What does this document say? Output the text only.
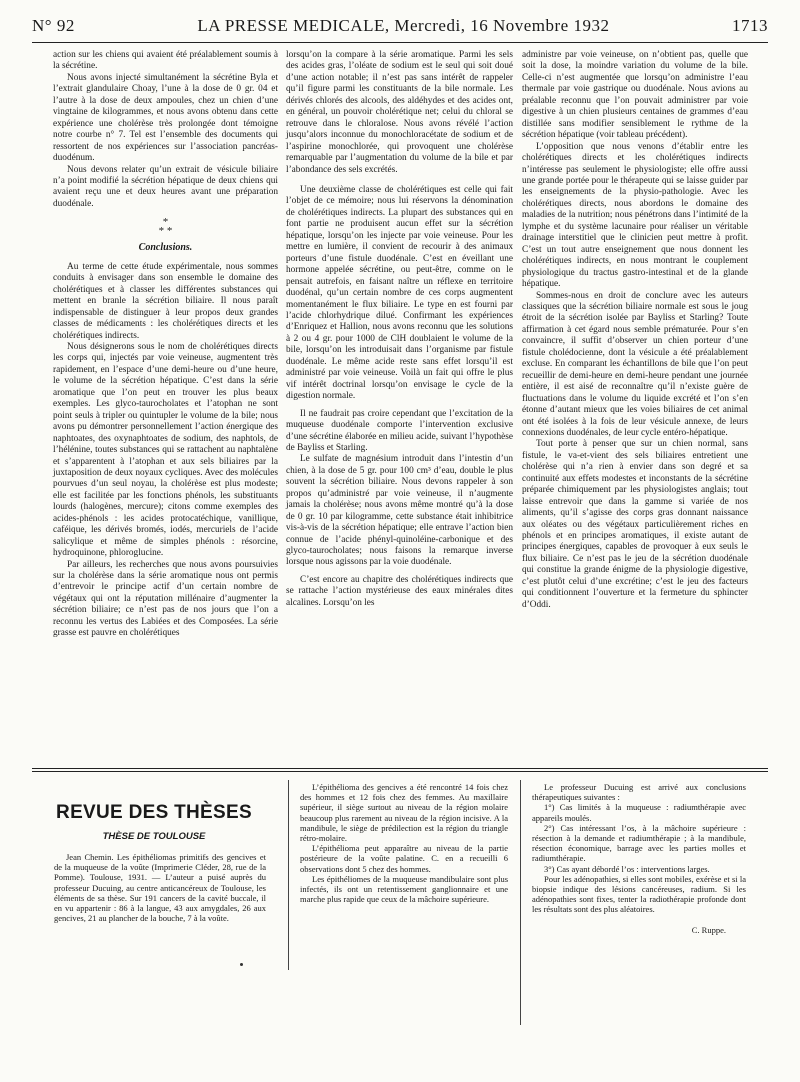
N° 92	LA PRESSE MEDICALE, Mercredi, 16 Novembre 1932	1713

action sur les chiens qui avaient été préalablement soumis à la sécrétine.

Nous avons injecté simultanément la sécrétine Byla et l’extrait glandulaire Choay, l’une à la dose de 0 gr. 04 et l’autre à la dose de deux ampoules, chez un chien d’une vingtaine de kilogrammes, et nous avons obtenu dans cette expérience une cholérèse très prolongée dont témoigne notre courbe n° 7. Tel est l’ensemble des documents qui ressortent de nos expériences sur l’association pancréas-duodénum.

Nous devons relater qu’un extrait de vésicule biliaire n’a point modifié la sécrétion hépatique de deux chiens qui avaient reçu une et deux heures avant une préparation duodénale.

*
* *
Conclusions.

Au terme de cette étude expérimentale, nous sommes conduits à envisager dans son ensemble le domaine des cholérétiques et à classer les différentes substances qui mettent en branle la sécrétion biliaire. Il nous paraît indispensable de distinguer à leur propos deux grandes classes de médicaments : les cholérétiques directs et les cholérétiques indirects.

Nous désignerons sous le nom de cholérétiques directs les corps qui, injectés par voie veineuse, augmentent très rapidement, en l’espace d’une demi-heure ou d’une heure, le volume de la sécrétion hépatique. C’est dans la série aromatique que l’on peut en trouver les plus beaux exemples. Les glyco-taurocholates et l’atophan ne sont point seuls à tripler ou quintupler le volume de la bile; nous avons pu démontrer personnellement l’action énergique des naphtoates, des oxynaphtoates de sodium, des naphtols, de l’hélénine, toutes substances qui se rattachent au naphtalène et s’apparentent à l’atophan et aux sels biliaires par la juxtaposition de deux noyaux cycliques. Avec des molécules pourvues d’un seul noyau, la cholérèse est plus modeste; elle est facilitée par les fonctions phénols, les substituants lourds (halogènes, mercure); citons comme exemples des acides-phénols : les acides protocatéchique, vanillique, caféique, les dérivés bromés, iodés, mercuriels de l’acide salicylique et même de simples phénols : résorcine, hydroquinone, phloroglucine.

Par ailleurs, les recherches que nous avons poursuivies sur la cholérèse dans la série aromatique nous ont permis d’entrevoir le principe actif d’un certain nombre de végétaux qui ont la réputation millénaire d’augmenter la sécrétion biliaire; ce n’est pas de nos jours que l’on a reconnu les vertus des Labiées et des Composées. La série grasse est pauvre en cholérétiques

lorsqu’on la compare à la série aromatique. Parmi les sels des acides gras, l’oléate de sodium est le seul qui soit doué d’une action notable; il n’est pas sans intérêt de rappeler qu’il figure parmi les constituants de la bile normale. Les dérivés chlorés des alcools, des aldéhydes et des acides ont, en général, un pouvoir cholérétique net; celui du chloral se retrouve dans le chloralose. Nous avons révélé l’action jusqu’alors inconnue du monochloracétate de sodium et de l’aspirine monochlorée, qui provoquent une cholérèse remarquable par l’augmentation du volume de la bile et par l’abondance des sels excrétés.

Une deuxième classe de cholérétiques est celle qui fait l’objet de ce mémoire; nous lui réservons la dénomination de cholérétiques indirects. La plupart des substances qui en font partie ne produisent aucun effet sur la sécrétion hépatique, lorsqu’on les injecte par voie veineuse. Pour les mettre en lumière, il convient de recourir à des animaux porteurs d’une fistule duodénale. C’est en éveillant une hormone appelée sécrétine, ou peut-être, comme on le pensait autrefois, en faisant naître un réflexe en territoire duodénal, qu’un certain nombre de ces corps augmentent momentanément le flux biliaire. Le type en est fourni par l’acide chlorhydrique dilué. Confirmant les expériences d’Enriquez et Hallion, nous avons reconnu que les solutions à 2 ou 4 gr. pour 1000 de ClH doublaient le volume de la bile, lorsqu’on les introduisait dans l’organisme par fistule duodénale. Le même acide reste sans effet lorsqu’il est administré par voie veineuse. Voilà un fait qui offre le plus vif intérêt doctrinal lorsqu’on envisage le cycle de la digestion normale.

Il ne faudrait pas croire cependant que l’excitation de la muqueuse duodénale comporte l’intervention exclusive d’une sécrétine élaborée en milieu acide, suivant l’hypothèse de Bayliss et Starling.

Le sulfate de magnésium introduit dans l’intestin d’un chien, à la dose de 5 gr. pour 100 cm³ d’eau, double le plus souvent la sécrétion biliaire. Nous devons rappeler à son propos qu’administré par voie veineuse, il n’augmente jamais la cholérèse; nous avons même montré qu’à la dose de 0 gr. 10 par kilogramme, cette substance était inhibitrice vis-à-vis de la sécrétion hépatique; elle entrave l’action bien connue de l’acide phényl-quinoléine-carbonique et des glyco-taurocholates; nous faisons la remarque inverse lorsque nous agissons par la voie duodénale.

C’est encore au chapitre des cholérétiques indirects que se rattache l’action mystérieuse des eaux minérales dites alcalines. Lorsqu’on les

administre par voie veineuse, on n’obtient pas, quelle que soit la dose, la moindre variation du volume de la bile. Celle-ci n’est augmentée que lorsqu’on administre l’eau thermale par voie gastrique ou duodénale. Nous avions au préalable reconnu que l’on pouvait administrer par voie digestive à un chien plusieurs centaines de grammes d’eau distillée sans modifier sensiblement le rythme de la sécrétion hépatique (voir tableau précédent).

L’opposition que nous venons d’établir entre les cholérétiques directs et les cholérétiques indirects n’intéresse pas seulement le physiologiste; elle offre aussi une grande portée pour le thérapeute qui se laisse guider par les enseignements de la physio-pathologie. Avec les cholérétiques directs, nous abordons le domaine des maladies de la nutrition; nous pénétrons dans l’intimité de la lymphe et du système lacunaire pour réaliser un véritable drainage interstitiel que le clinicien peut mettre à profit. C’est un tout autre enseignement que nous donnent les cholérétiques indirects, en nous montrant le couplement physiologique du tractus gastro-intestinal et de la glande hépatique.

Sommes-nous en droit de conclure avec les auteurs classiques que la sécrétion biliaire normale est sous le joug étroit de la sécrétion isolée par Bayliss et Starling? Toute affirmation à cet égard nous semble prématurée. Pour s’en convaincre, il suffit d’observer un chien porteur d’une fistule cholédocienne, dont la vésicule a été préalablement excluse. En comparant les échantillons de bile que l’on peut recueillir de demi-heure en demi-heure pendant une journée entière, il est aisé de reconnaître qu’il n’existe guère de fluctuations dans le volume du liquide excrété et l’on s’en étonne d’autant mieux que les voies biliaires de cet animal ont été isolées à la fois de leur vésicule annexe, de leurs connexions duodénales, de leur cycle entéro-hépatique.

Tout porte à penser que sur un chien normal, sans fistule, le va-et-vient des sels biliaires entretient une cholérèse qui n’a rien à envier dans son degré et sa continuité aux effets modestes et inconstants de la sécrétine préparée chimiquement par les physiologistes anglais; tout laisse entrevoir que dans la gamme si variée de nos aliments, qu’il s’agisse des corps gras donnant naissance aux oléates ou des végétaux particulièrement riches en phénols et en principes aromatiques, il existe autant de principes énergiques, capables de provoquer à eux seuls le flux biliaire. Ce n’est pas le jeu de la sécrétion duodénale qui constitue la grande énigme de la physiologie digestive, c’est plutôt celui d’une excrétine; c’est le jeu des facteurs qui conditionnent l’ouverture et la fermeture du sphincter d’Oddi.

REVUE DES THÈSES
THÈSE DE TOULOUSE

Jean Chemin. Les épithéliomas primitifs des gencives et de la muqueuse de la voûte (Imprimerie Cléder, 28, rue de la Pomme). Toulouse, 1931. — L’auteur a puisé auprès du professeur Ducuing, au centre anticancéreux de Toulouse, les éléments de sa thèse. Sur 191 cancers de la cavité buccale, il en vu appartenir : 86 à la langue, 43 aux amygdales, 26 aux gencives, 21 au plancher de la bouche, 7 à la voûte.

L’épithélioma des gencives a été rencontré 14 fois chez des hommes et 12 fois chez des femmes. Au maxillaire supérieur, il siège surtout au niveau de la région molaire beaucoup plus rarement au niveau de la région incisive. A la mandibule, le siège de prédilection est la région du triangle rétro-molaire.

L’épithélioma peut apparaître au niveau de la partie postérieure de la voûte palatine. C. en a recueilli 6 observations dont 5 chez des hommes.

Les épithéliomes de la muqueuse mandibulaire sont plus infectés, ils ont un retentissement ganglionnaire et une marche plus rapide que ceux de la mâchoire supérieure.

Le professeur Ducuing est arrivé aux conclusions thérapeutiques suivantes :

1°) Cas limités à la muqueuse : radiumthérapie avec appareils moulés.

2°) Cas intéressant l’os, à la mâchoire supérieure : résection à la demande et radiumthérapie ; à la mandibule, résection économique, barrage avec les parties molles et radiumthérapie.

3°) Cas ayant débordé l’os : interventions larges.

Pour les adénopathies, si elles sont mobiles, exérèse et si la biopsie indique des lésions cancéreuses, radium. Si les adénopathies sont fixes, tenter la radiothérapie profonde dont les résultats sont des plus aléatoires.

C. Ruppe.
